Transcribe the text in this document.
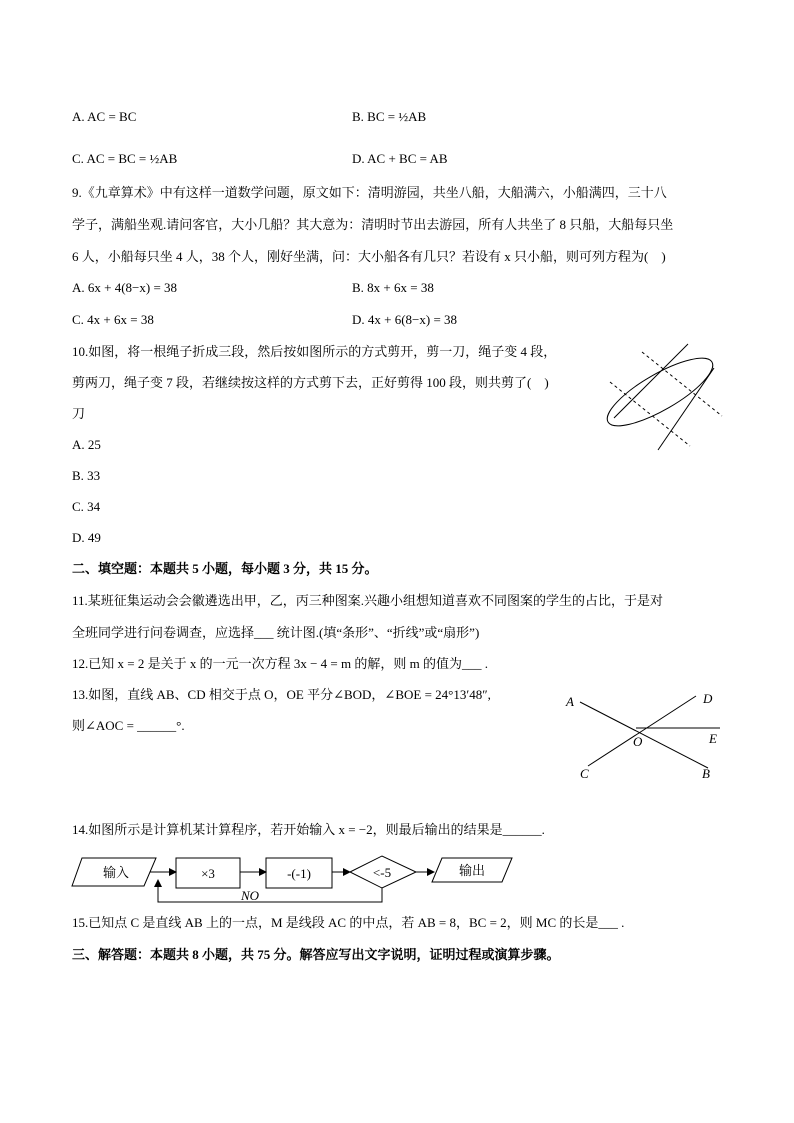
A. AC = BC	B. BC = ½AB
C. AC = BC = ½AB	D. AC + BC = AB
9.《九章算术》中有这样一道数学问题，原文如下：清明游园，共坐八船，大船满六，小船满四，三十八
学子，满船坐观.请问客官，大小几船？其大意为：清明时节出去游园，所有人共坐了 8 只船，大船每只坐
6 人，小船每只坐 4 人，38 个人，刚好坐满，问：大小船各有几只？若设有 x 只小船，则可列方程为(　)
A. 6x + 4(8−x) = 38	B. 8x + 6x = 38
C. 4x + 6x = 38	D. 4x + 6(8−x) = 38
10.如图，将一根绳子折成三段，然后按如图所示的方式剪开，剪一刀，绳子变 4 段，
剪两刀，绳子变 7 段，若继续按这样的方式剪下去，正好剪得 100 段，则共剪了(　)
刀
A. 25
B. 33
C. 34
D. 49
二、填空题：本题共 5 小题，每小题 3 分，共 15 分。
11.某班征集运动会会徽遴选出甲，乙，丙三种图案.兴趣小组想知道喜欢不同图案的学生的占比，于是对
全班同学进行问卷调查，应选择___ 统计图.(填“条形”、“折线”或“扇形”)
12.已知 x = 2 是关于 x 的一元一次方程 3x − 4 = m 的解，则 m 的值为___ .
13.如图，直线 AB、CD 相交于点 O，OE 平分∠BOD，∠BOE = 24°13′48″,
则∠AOC = ______°.
A	D
O	E
C	B
14.如图所示是计算机某计算程序，若开始输入 x = −2，则最后输出的结果是______.
输入	×3	-(-1)	<-5	输出
NO
15.已知点 C 是直线 AB 上的一点，M 是线段 AC 的中点，若 AB = 8，BC = 2，则 MC 的长是___ .
三、解答题：本题共 8 小题，共 75 分。解答应写出文字说明，证明过程或演算步骤。
